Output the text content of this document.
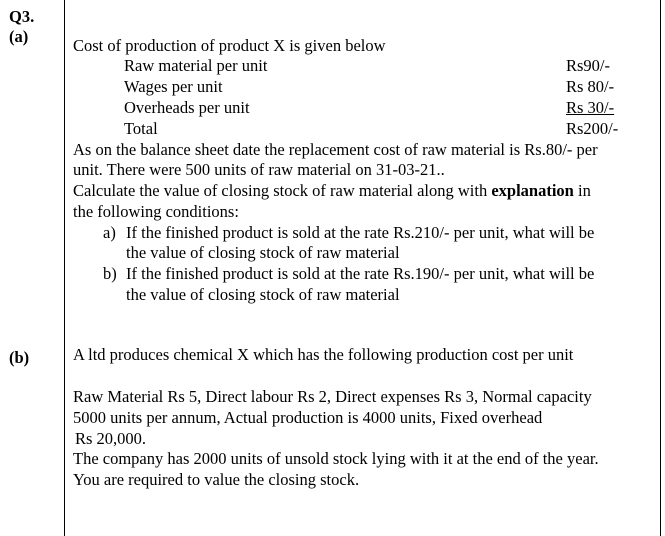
Q3.
(a)
(b)
Cost of production of product X is given below
Raw material per unit	Rs90/-
Wages per unit	Rs 80/-
Overheads per unit	Rs 30/-
Total	Rs200/-
As on the balance sheet date the replacement cost of raw material is Rs.80/- per
unit. There were 500 units of raw material on 31-03-21..
Calculate the value of closing stock of raw material along with explanation in
the following conditions:
a) If the finished product is sold at the rate Rs.210/- per unit, what will be
the value of closing stock of raw material
b) If the finished product is sold at the rate Rs.190/- per unit, what will be
the value of closing stock of raw material
A ltd produces chemical X which has the following production cost per unit
Raw Material Rs 5, Direct labour Rs 2, Direct expenses Rs 3, Normal capacity
5000 units per annum, Actual production is 4000 units, Fixed overhead
Rs 20,000.
The company has 2000 units of unsold stock lying with it at the end of the year.
You are required to value the closing stock.
